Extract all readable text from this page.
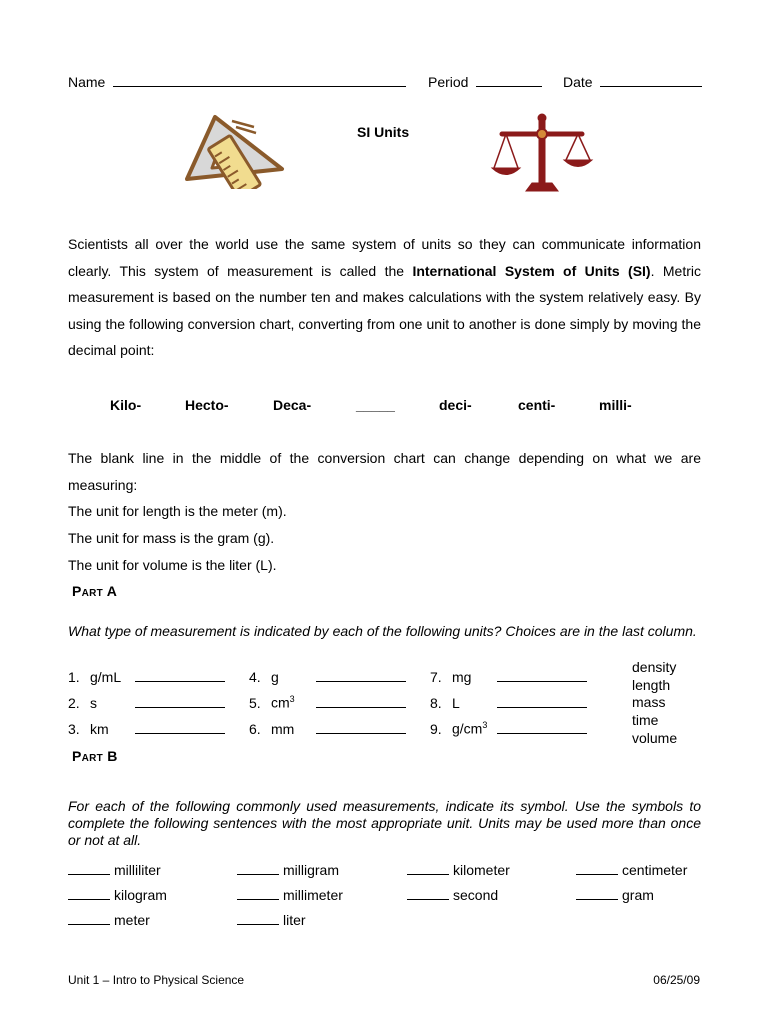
Name	Period	Date
SI Units
Scientists all over the world use the same system of units so they can communicate information clearly. This system of measurement is called the International System of Units (SI). Metric measurement is based on the number ten and makes calculations with the system relatively easy. By using the following conversion chart, converting from one unit to another is done simply by moving the decimal point:
Kilo-	Hecto-	Deca-	_____	deci-	centi-	milli-
The blank line in the middle of the conversion chart can change depending on what we are measuring:
The unit for length is the meter (m).
The unit for mass is the gram (g).
The unit for volume is the liter (L).
Part A
What type of measurement is indicated by each of the following units? Choices are in the last column.
1. g/mL
2. s
3. km
4. g
5. $cm^3$
6. mm
7. mg
8. L
9. $g/cm^3$
density
length
mass
time
volume
Part B
For each of the following commonly used measurements, indicate its symbol. Use the symbols to complete the following sentences with the most appropriate unit. Units may be used more than once or not at all.
milliliter	milligram	kilometer	centimeter
kilogram	millimeter	second	gram
meter	liter
Unit 1 – Intro to Physical Science	06/25/09
